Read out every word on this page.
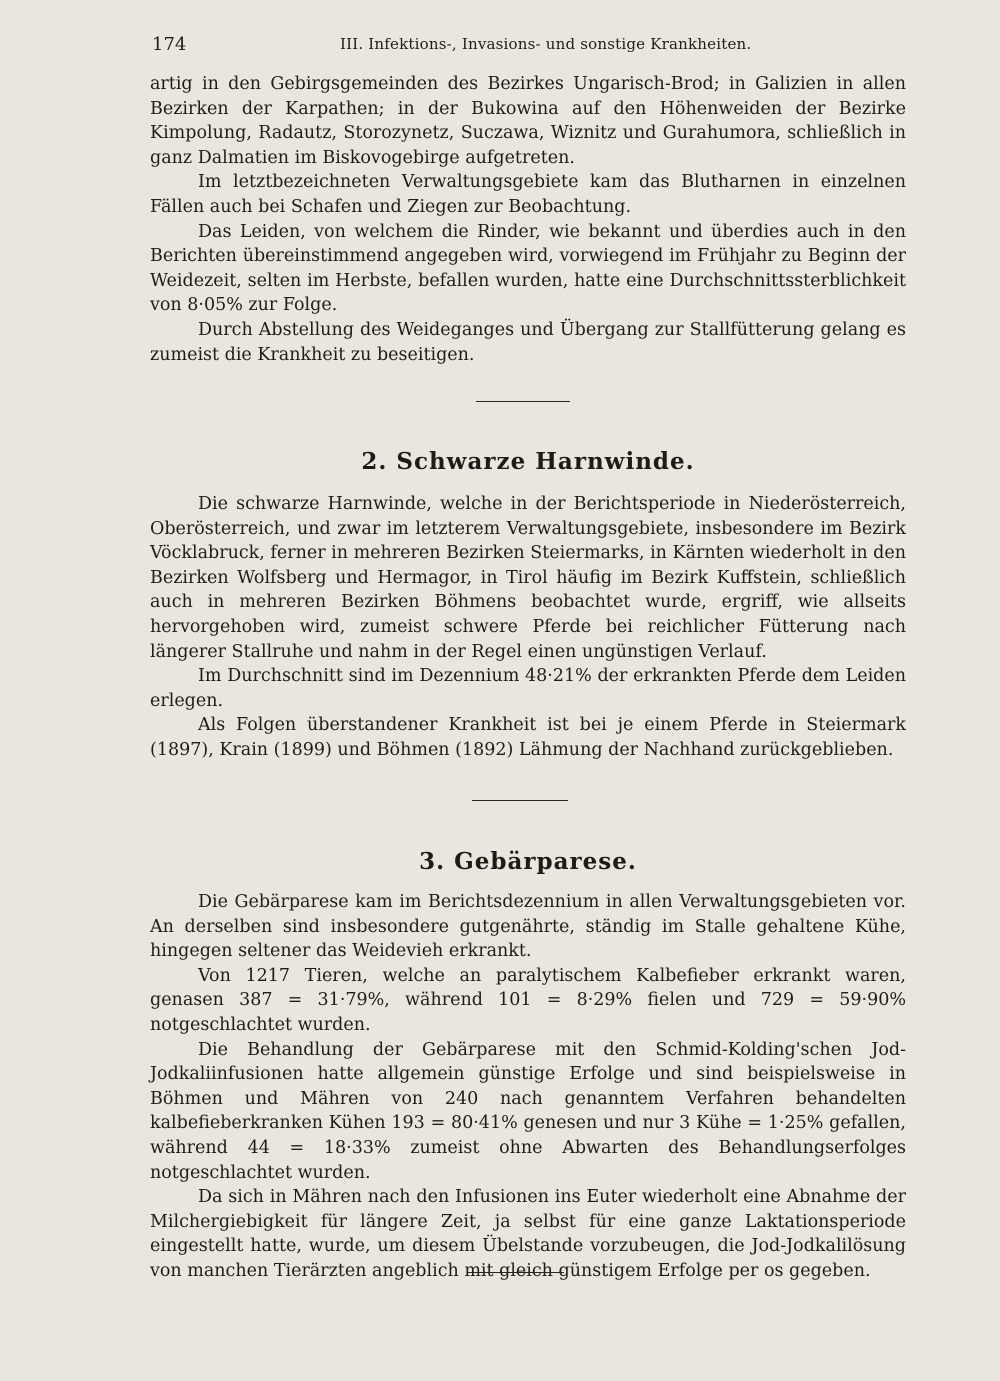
174	III. Infektions-, Invasions- und sonstige Krankheiten.

artig in den Gebirgsgemeinden des Bezirkes Ungarisch-Brod; in Galizien in allen Bezirken der Karpathen; in der Bukowina auf den Höhenweiden der Bezirke Kimpolung, Radautz, Storozynetz, Suczawa, Wiznitz und Gurahumora, schließlich in ganz Dalmatien im Biskovogebirge aufgetreten.

Im letztbezeichneten Verwaltungsgebiete kam das Blutharnen in einzelnen Fällen auch bei Schafen und Ziegen zur Beobachtung.

Das Leiden, von welchem die Rinder, wie bekannt und überdies auch in den Berichten übereinstimmend angegeben wird, vorwiegend im Frühjahr zu Beginn der Weidezeit, selten im Herbste, befallen wurden, hatte eine Durchschnittssterblichkeit von 8·05% zur Folge.

Durch Abstellung des Weideganges und Übergang zur Stallfütterung gelang es zumeist die Krankheit zu beseitigen.

2. Schwarze Harnwinde.

Die schwarze Harnwinde, welche in der Berichtsperiode in Niederösterreich, Oberösterreich, und zwar im letzterem Verwaltungsgebiete, insbesondere im Bezirk Vöcklabruck, ferner in mehreren Bezirken Steiermarks, in Kärnten wiederholt in den Bezirken Wolfsberg und Hermagor, in Tirol häufig im Bezirk Kuffstein, schließlich auch in mehreren Bezirken Böhmens beobachtet wurde, ergriff, wie allseits hervorgehoben wird, zumeist schwere Pferde bei reichlicher Fütterung nach längerer Stallruhe und nahm in der Regel einen ungünstigen Verlauf.

Im Durchschnitt sind im Dezennium 48·21% der erkrankten Pferde dem Leiden erlegen.

Als Folgen überstandener Krankheit ist bei je einem Pferde in Steiermark (1897), Krain (1899) und Böhmen (1892) Lähmung der Nachhand zurückgeblieben.

3. Gebärparese.

Die Gebärparese kam im Berichtsdezennium in allen Verwaltungsgebieten vor. An derselben sind insbesondere gutgenährte, ständig im Stalle gehaltene Kühe, hingegen seltener das Weidevieh erkrankt.

Von 1217 Tieren, welche an paralytischem Kalbefieber erkrankt waren, genasen 387 = 31·79%, während 101 = 8·29% fielen und 729 = 59·90% notgeschlachtet wurden.

Die Behandlung der Gebärparese mit den Schmid-Kolding'schen Jod-Jodkaliinfusionen hatte allgemein günstige Erfolge und sind beispielsweise in Böhmen und Mähren von 240 nach genanntem Verfahren behandelten kalbefieberkranken Kühen 193 = 80·41% genesen und nur 3 Kühe = 1·25% gefallen, während 44 = 18·33% zumeist ohne Abwarten des Behandlungserfolges notgeschlachtet wurden.

Da sich in Mähren nach den Infusionen ins Euter wiederholt eine Abnahme der Milchergiebigkeit für längere Zeit, ja selbst für eine ganze Laktationsperiode eingestellt hatte, wurde, um diesem Übelstande vorzubeugen, die Jod-Jodkalilösung von manchen Tierärzten angeblich mit gleich günstigem Erfolge per os gegeben.
